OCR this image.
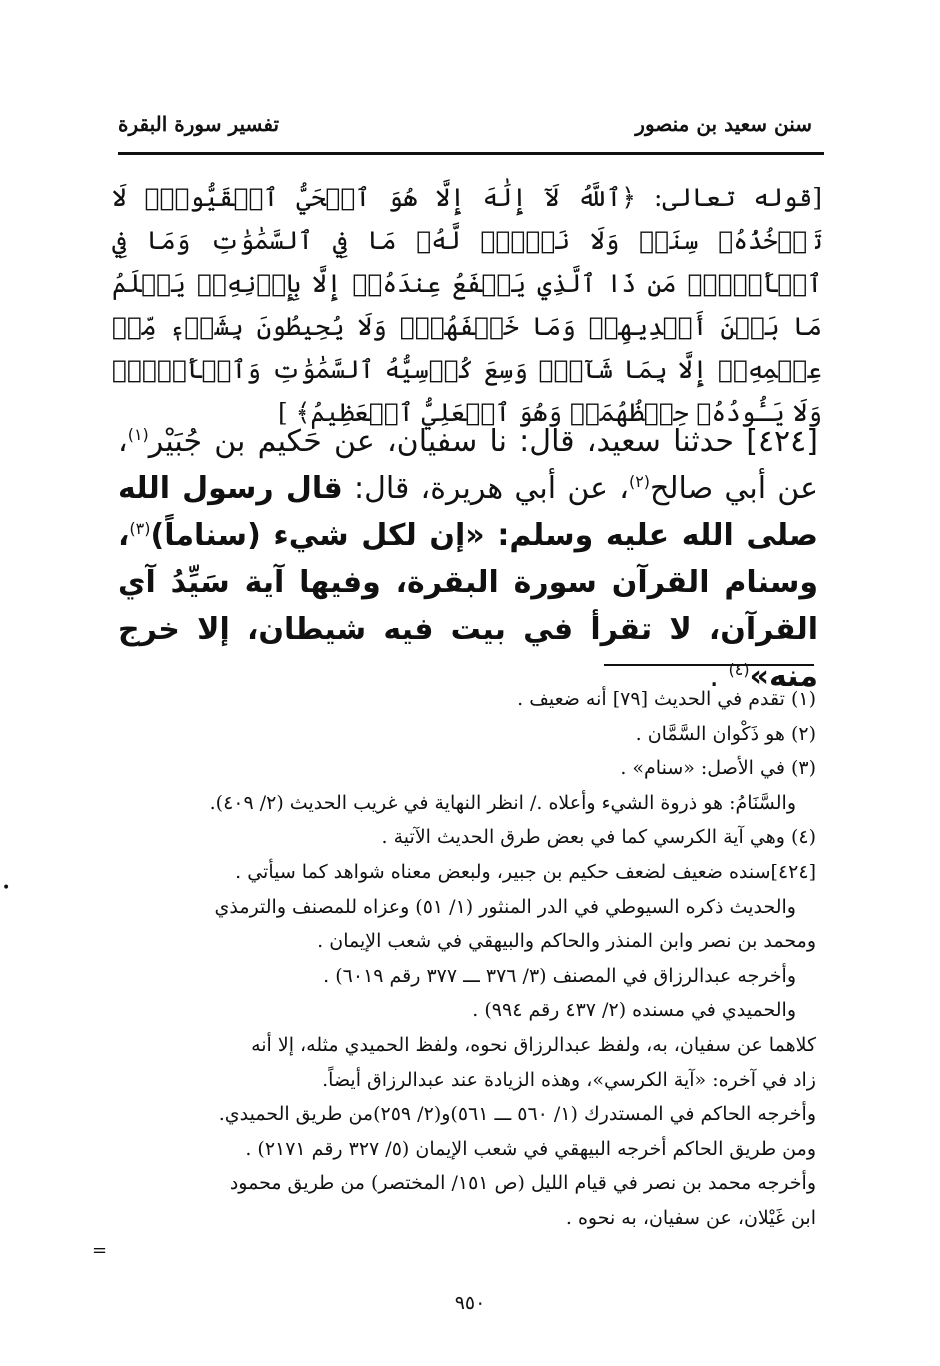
سنن سعيد بن منصور
تفسير سورة البقرة
[قوله تعالى: ﴿ٱللَّهُ لَآ إِلَٰهَ إِلَّا هُوَ ٱلۡحَيُّ ٱلۡقَيُّومُۚ لَا تَأۡخُذُهُۥ سِنَةٞ وَلَا نَوۡمٞۚ لَّهُۥ مَا فِي ٱلسَّمَٰوَٰتِ وَمَا فِي ٱلۡأَرۡضِۗ مَن ذَا ٱلَّذِي يَشۡفَعُ عِندَهُۥٓ إِلَّا بِإِذۡنِهِۦۚ يَعۡلَمُ مَا بَيۡنَ أَيۡدِيهِمۡ وَمَا خَلۡفَهُمۡۖ وَلَا يُحِيطُونَ بِشَيۡءٖ مِّنۡ عِلۡمِهِۦٓ إِلَّا بِمَا شَآءَۚ وَسِعَ كُرۡسِيُّهُ ٱلسَّمَٰوَٰتِ وَٱلۡأَرۡضَۖ وَلَا يَـُٔودُهُۥ حِفۡظُهُمَاۚ وَهُوَ ٱلۡعَلِيُّ ٱلۡعَظِيمُ﴾ ]
[٤٢٤] حدثنا سعيد، قال: نا سفيان، عن حَكيم بن جُبَيْر$^{(١)}$، عن أبي صالح$^{(٢)}$، عن أبي هريرة، قال: قال رسول الله صلى الله عليه وسلم: «إن لكل شيء (سناماً)$^{(٣)}$، وسنام القرآن سورة البقرة، وفيها آية سَيِّدُ آي القرآن، لا تقرأ في بيت فيه شيطان، إلا خرج منه»$^{(٤)}$ .
(١) تقدم في الحديث [٧٩] أنه ضعيف .
(٢) هو ذَكْوان السَّمَّان .
(٣) في الأصل: «سنام» .
والسَّنَامُ: هو ذروة الشيء وأعلاه ./ انظر النهاية في غريب الحديث (٢/ ٤٠٩).
(٤) وهي آية الكرسي كما في بعض طرق الحديث الآتية .
[٤٢٤]سنده ضعيف لضعف حكيم بن جبير، ولبعض معناه شواهد كما سيأتي .
والحديث ذكره السيوطي في الدر المنثور (١/ ٥١) وعزاه للمصنف والترمذي
ومحمد بن نصر وابن المنذر والحاكم والبيهقي في شعب الإيمان .
وأخرجه عبدالرزاق في المصنف (٣/ ٣٧٦ ـــ ٣٧٧ رقم ٦٠١٩) .
والحميدي في مسنده (٢/ ٤٣٧ رقم ٩٩٤) .
كلاهما عن سفيان، به، ولفظ عبدالرزاق نحوه، ولفظ الحميدي مثله، إلا أنه
زاد في آخره: «آية الكرسي»، وهذه الزيادة عند عبدالرزاق أيضاً.
وأخرجه الحاكم في المستدرك (١/ ٥٦٠ ـــ ٥٦١)و(٢/ ٢٥٩)من طريق الحميدي.
ومن طريق الحاكم أخرجه البيهقي في شعب الإيمان (٥/ ٣٢٧ رقم ٢١٧١) .
وأخرجه محمد بن نصر في قيام الليل (ص ١٥١/ المختصر) من طريق محمود
ابن غَيْلان، عن سفيان، به نحوه .
٩٥٠
•
=
